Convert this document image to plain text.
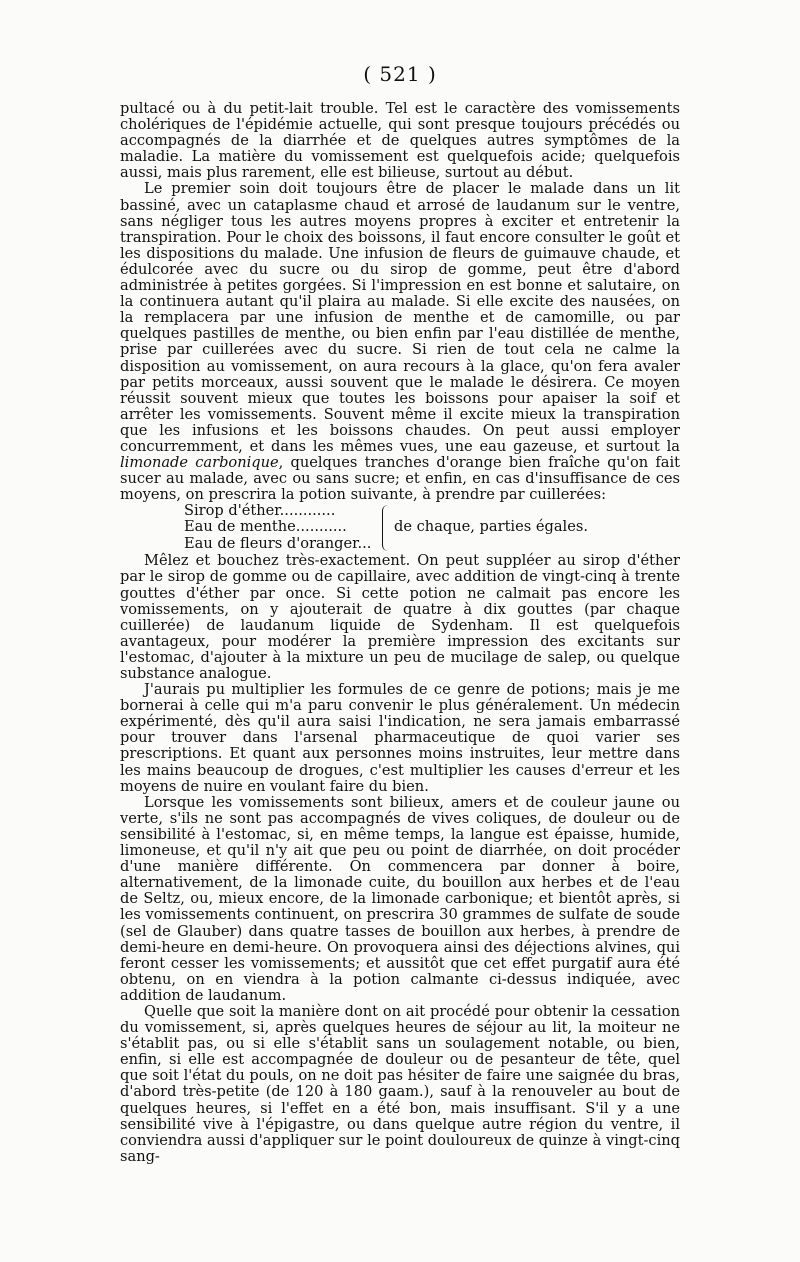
( 521 )

pultacé ou à du petit-lait trouble. Tel est le caractère des vomissements cholériques de l'épidémie actuelle, qui sont presque toujours précédés ou accompagnés de la diarrhée et de quelques autres symptômes de la maladie. La matière du vomissement est quelquefois acide; quelquefois aussi, mais plus rarement, elle est bilieuse, surtout au début.

Le premier soin doit toujours être de placer le malade dans un lit bassiné, avec un cataplasme chaud et arrosé de laudanum sur le ventre, sans négliger tous les autres moyens propres à exciter et entretenir la transpiration. Pour le choix des boissons, il faut encore consulter le goût et les dispositions du malade. Une infusion de fleurs de guimauve chaude, et édulcorée avec du sucre ou du sirop de gomme, peut être d'abord administrée à petites gorgées. Si l'impression en est bonne et salutaire, on la continuera autant qu'il plaira au malade. Si elle excite des nausées, on la remplacera par une infusion de menthe et de camomille, ou par quelques pastilles de menthe, ou bien enfin par l'eau distillée de menthe, prise par cuillerées avec du sucre. Si rien de tout cela ne calme la disposition au vomissement, on aura recours à la glace, qu'on fera avaler par petits morceaux, aussi souvent que le malade le désirera. Ce moyen réussit souvent mieux que toutes les boissons pour apaiser la soif et arrêter les vomissements. Souvent même il excite mieux la transpiration que les infusions et les boissons chaudes. On peut aussi employer concurremment, et dans les mêmes vues, une eau gazeuse, et surtout la limonade carbonique, quelques tranches d'orange bien fraîche qu'on fait sucer au malade, avec ou sans sucre; et enfin, en cas d'insuffisance de ces moyens, on prescrira la potion suivante, à prendre par cuillerées:

Sirop d'éther............
Eau de menthe...........
Eau de fleurs d'oranger...
de chaque, parties égales.

Mêlez et bouchez très-exactement. On peut suppléer au sirop d'éther par le sirop de gomme ou de capillaire, avec addition de vingt-cinq à trente gouttes d'éther par once. Si cette potion ne calmait pas encore les vomissements, on y ajouterait de quatre à dix gouttes (par chaque cuillerée) de laudanum liquide de Sydenham. Il est quelquefois avantageux, pour modérer la première impression des excitants sur l'estomac, d'ajouter à la mixture un peu de mucilage de salep, ou quelque substance analogue.

J'aurais pu multiplier les formules de ce genre de potions; mais je me bornerai à celle qui m'a paru convenir le plus généralement. Un médecin expérimenté, dès qu'il aura saisi l'indication, ne sera jamais embarrassé pour trouver dans l'arsenal pharmaceutique de quoi varier ses prescriptions. Et quant aux personnes moins instruites, leur mettre dans les mains beaucoup de drogues, c'est multiplier les causes d'erreur et les moyens de nuire en voulant faire du bien.

Lorsque les vomissements sont bilieux, amers et de couleur jaune ou verte, s'ils ne sont pas accompagnés de vives coliques, de douleur ou de sensibilité à l'estomac, si, en même temps, la langue est épaisse, humide, limoneuse, et qu'il n'y ait que peu ou point de diarrhée, on doit procéder d'une manière différente. On commencera par donner à boire, alternativement, de la limonade cuite, du bouillon aux herbes et de l'eau de Seltz, ou, mieux encore, de la limonade carbonique; et bientôt après, si les vomissements continuent, on prescrira 30 grammes de sulfate de soude (sel de Glauber) dans quatre tasses de bouillon aux herbes, à prendre de demi-heure en demi-heure. On provoquera ainsi des déjections alvines, qui feront cesser les vomissements; et aussitôt que cet effet purgatif aura été obtenu, on en viendra à la potion calmante ci-dessus indiquée, avec addition de laudanum.

Quelle que soit la manière dont on ait procédé pour obtenir la cessation du vomissement, si, après quelques heures de séjour au lit, la moiteur ne s'établit pas, ou si elle s'établit sans un soulagement notable, ou bien, enfin, si elle est accompagnée de douleur ou de pesanteur de tête, quel que soit l'état du pouls, on ne doit pas hésiter de faire une saignée du bras, d'abord très-petite (de 120 à 180 gaam.), sauf à la renouveler au bout de quelques heures, si l'effet en a été bon, mais insuffisant. S'il y a une sensibilité vive à l'épigastre, ou dans quelque autre région du ventre, il conviendra aussi d'appliquer sur le point douloureux de quinze à vingt-cinq sang-
